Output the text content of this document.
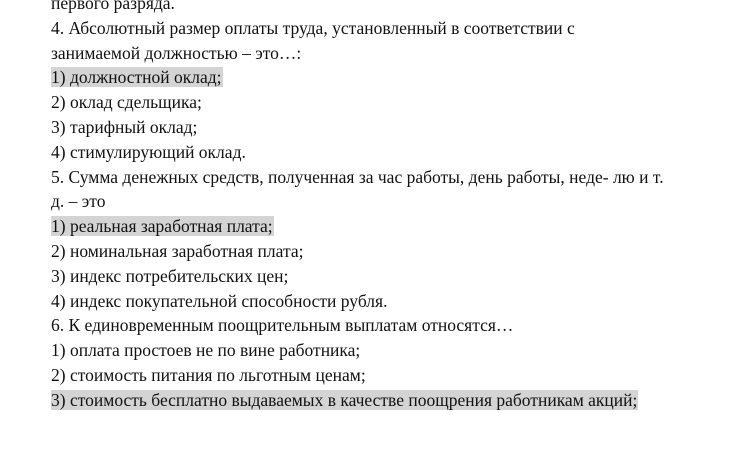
первого разряда.
4. Абсолютный размер оплаты труда, установленный в соответствии с
занимаемой должностью – это…:
1) должностной оклад;
2) оклад сдельщика;
3) тарифный оклад;
4) стимулирующий оклад.
5. Сумма денежных средств, полученная за час работы, день работы, неде- лю и т.
д. – это
1) реальная заработная плата;
2) номинальная заработная плата;
3) индекс потребительских цен;
4) индекс покупательной способности рубля.
6. К единовременным поощрительным выплатам относятся…
1) оплата простоев не по вине работника;
2) стоимость питания по льготным ценам;
3) стоимость бесплатно выдаваемых в качестве поощрения работникам акций;
